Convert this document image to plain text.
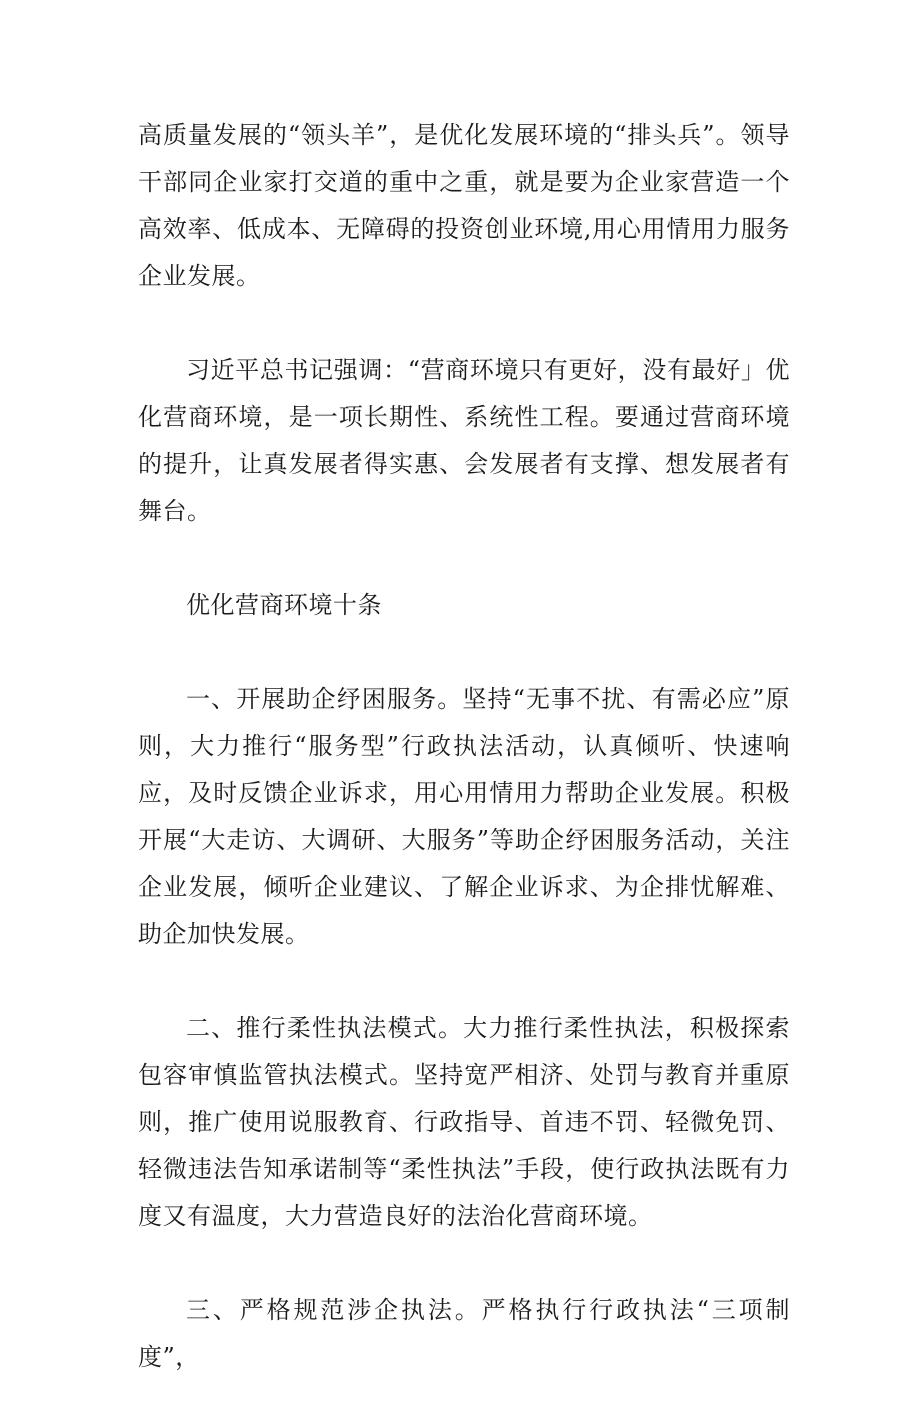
高质量发展的“领头羊”，是优化发展环境的“排头兵”。领导干部同企业家打交道的重中之重，就是要为企业家营造一个高效率、低成本、无障碍的投资创业环境,用心用情用力服务企业发展。

习近平总书记强调：“营商环境只有更好，没有最好」优化营商环境，是一项长期性、系统性工程。要通过营商环境的提升，让真发展者得实惠、会发展者有支撑、想发展者有舞台。

优化营商环境十条

一、开展助企纾困服务。坚持“无事不扰、有需必应”原则，大力推行“服务型”行政执法活动，认真倾听、快速响应，及时反馈企业诉求，用心用情用力帮助企业发展。积极开展“大走访、大调研、大服务”等助企纾困服务活动，关注企业发展，倾听企业建议、了解企业诉求、为企排忧解难、助企加快发展。

二、推行柔性执法模式。大力推行柔性执法，积极探索包容审慎监管执法模式。坚持宽严相济、处罚与教育并重原则，推广使用说服教育、行政指导、首违不罚、轻微免罚、轻微违法告知承诺制等“柔性执法”手段，使行政执法既有力度又有温度，大力营造良好的法治化营商环境。

三、严格规范涉企执法。严格执行行政执法“三项制度”，
